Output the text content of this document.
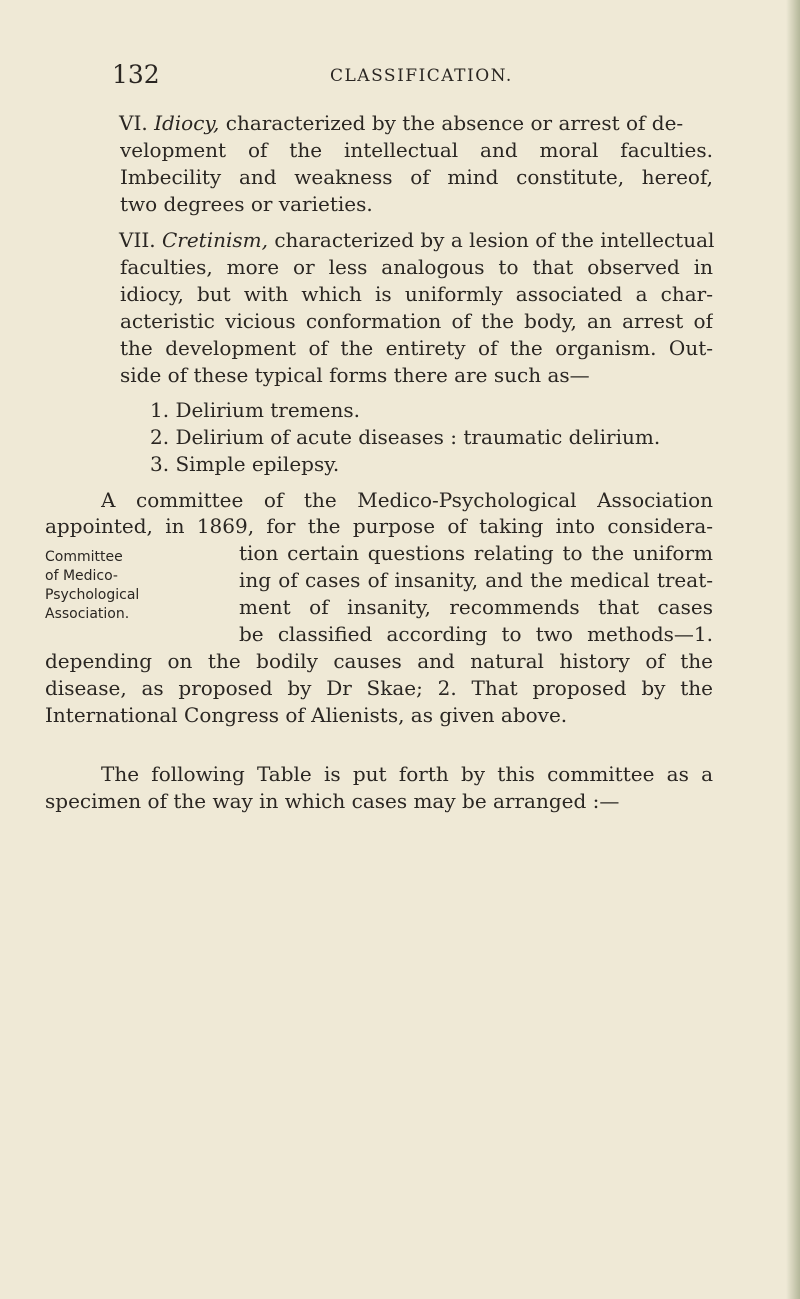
132	CLASSIFICATION.
VI. Idiocy, characterized by the absence or arrest of de-
velopment of the intellectual and moral faculties.
Imbecility and weakness of mind constitute, hereof,
two degrees or varieties.
VII. Cretinism, characterized by a lesion of the intellectual
faculties, more or less analogous to that observed in
idiocy, but with which is uniformly associated a char-
acteristic vicious conformation of the body, an arrest of
the development of the entirety of the organism. Out-
side of these typical forms there are such as—
1. Delirium tremens.
2. Delirium of acute diseases : traumatic delirium.
3. Simple epilepsy.
A committee of the Medico-Psychological Association
appointed, in 1869, for the purpose of taking into considera-
tion certain questions relating to the uniform
ing of cases of insanity, and the medical treat-
ment of insanity, recommends that cases
be classified according to two methods—1.
depending on the bodily causes and natural history of the
disease, as proposed by Dr Skae; 2. That proposed by the
International Congress of Alienists, as given above.
The following Table is put forth by this committee as a
specimen of the way in which cases may be arranged :—
Committee
of Medico-
Psychological
Association.
